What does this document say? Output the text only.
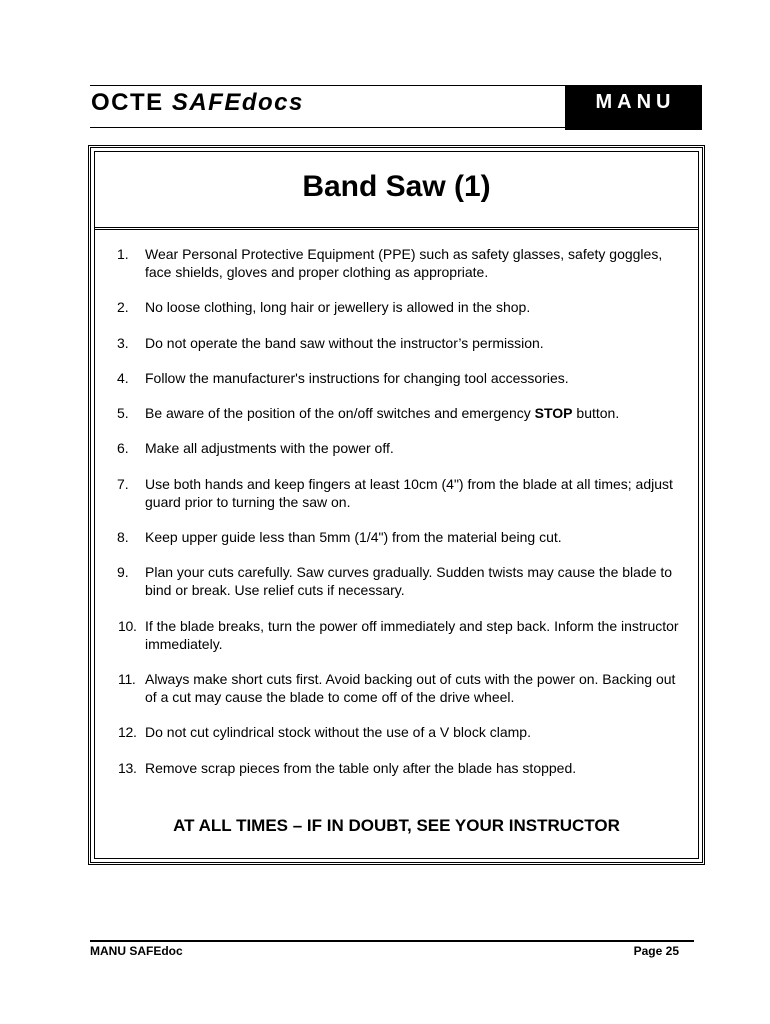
OCTE SAFEdocs	MANU
Band Saw (1)
1.	Wear Personal Protective Equipment (PPE) such as safety glasses, safety goggles, face shields, gloves and proper clothing as appropriate.
2.	No loose clothing, long hair or jewellery is allowed in the shop.
3.	Do not operate the band saw without the instructor’s permission.
4.	Follow the manufacturer's instructions for changing tool accessories.
5.	Be aware of the position of the on/off switches and emergency STOP button.
6.	Make all adjustments with the power off.
7.	Use both hands and keep fingers at least 10cm (4") from the blade at all times; adjust guard prior to turning the saw on.
8.	Keep upper guide less than 5mm (1/4") from the material being cut.
9.	Plan your cuts carefully. Saw curves gradually. Sudden twists may cause the blade to bind or break. Use relief cuts if necessary.
10. If the blade breaks, turn the power off immediately and step back. Inform the instructor immediately.
11. Always make short cuts first. Avoid backing out of cuts with the power on. Backing out of a cut may cause the blade to come off of the drive wheel.
12. Do not cut cylindrical stock without the use of a V block clamp.
13. Remove scrap pieces from the table only after the blade has stopped.
AT ALL TIMES – IF IN DOUBT, SEE YOUR INSTRUCTOR
MANU SAFEdoc	Page 25
